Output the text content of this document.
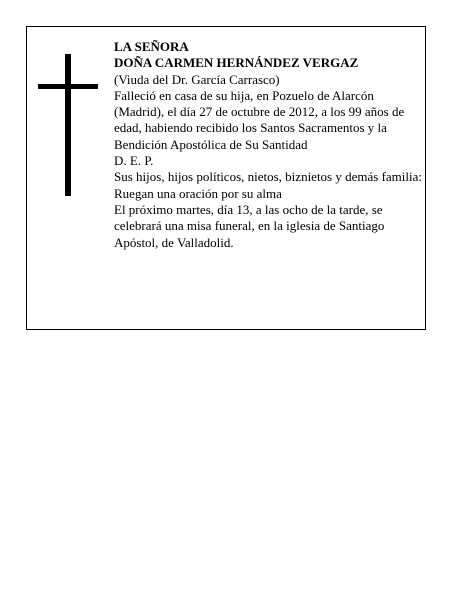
LA SEÑORA

DOÑA CARMEN HERNÁNDEZ VERGAZ

(Viuda del Dr. García Carrasco)

Falleció en casa de su hija, en Pozuelo de Alarcón (Madrid), el día 27 de octubre de 2012, a los 99 años de edad, habiendo recibido los Santos Sacramentos y la Bendición Apostólica de Su Santidad

D. E. P.

Sus hijos, hijos políticos, nietos, biznietos y demás familia:

Ruegan una oración por su alma

El próximo martes, día 13, a las ocho de la tarde, se celebrará una misa funeral, en la iglesia de Santiago Apóstol, de Valladolid.
